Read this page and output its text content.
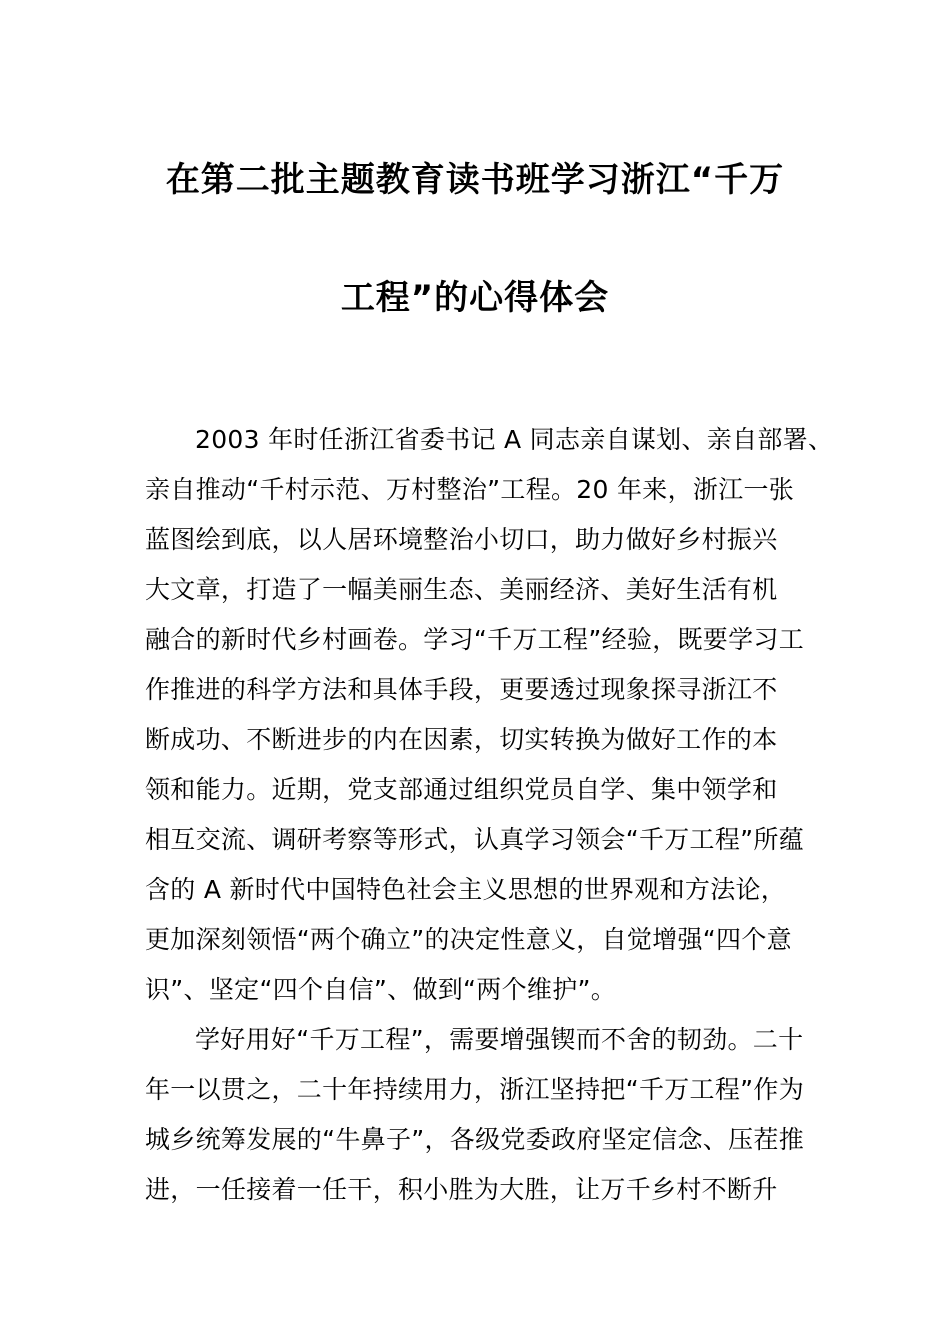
在第二批主题教育读书班学习浙江“千万
工程”的心得体会
2003 年时任浙江省委书记 A 同志亲自谋划、亲自部署、
亲自推动“千村示范、万村整治”工程。20 年来，浙江一张
蓝图绘到底，以人居环境整治小切口，助力做好乡村振兴
大文章，打造了一幅美丽生态、美丽经济、美好生活有机
融合的新时代乡村画卷。学习“千万工程”经验，既要学习工
作推进的科学方法和具体手段，更要透过现象探寻浙江不
断成功、不断进步的内在因素，切实转换为做好工作的本
领和能力。近期，党支部通过组织党员自学、集中领学和
相互交流、调研考察等形式，认真学习领会“千万工程”所蕴
含的 A 新时代中国特色社会主义思想的世界观和方法论，
更加深刻领悟“两个确立”的决定性意义，自觉增强“四个意
识”、坚定“四个自信”、做到“两个维护”。
学好用好“千万工程”，需要增强锲而不舍的韧劲。二十
年一以贯之，二十年持续用力，浙江坚持把“千万工程”作为
城乡统筹发展的“牛鼻子”，各级党委政府坚定信念、压茬推
进，一任接着一任干，积小胜为大胜，让万千乡村不断升
